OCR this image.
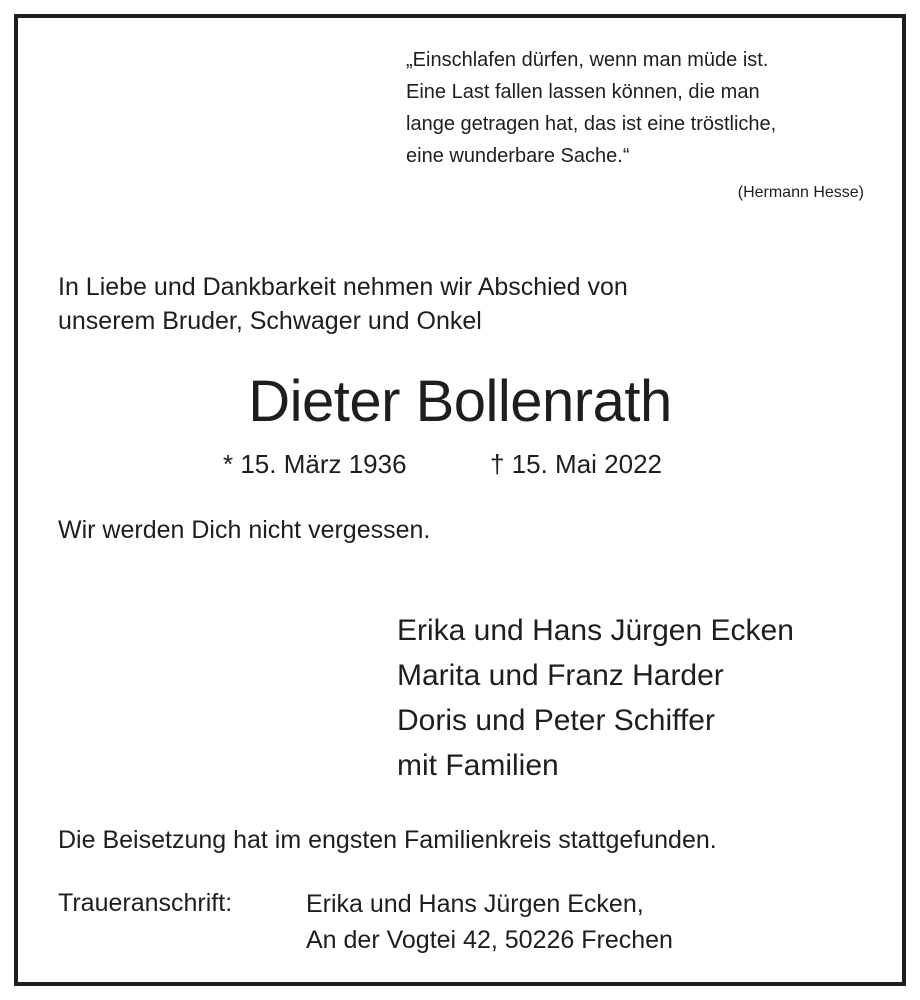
„Einschlafen dürfen, wenn man müde ist.
Eine Last fallen lassen können, die man
lange getragen hat, das ist eine tröstliche,
eine wunderbare Sache.“
(Hermann Hesse)
In Liebe und Dankbarkeit nehmen wir Abschied von
unserem Bruder, Schwager und Onkel
Dieter Bollenrath
* 15. März 1936	† 15. Mai 2022
Wir werden Dich nicht vergessen.
Erika und Hans Jürgen Ecken
Marita und Franz Harder
Doris und Peter Schiffer
mit Familien
Die Beisetzung hat im engsten Familienkreis stattgefunden.
Traueranschrift:	Erika und Hans Jürgen Ecken,
An der Vogtei 42, 50226 Frechen
